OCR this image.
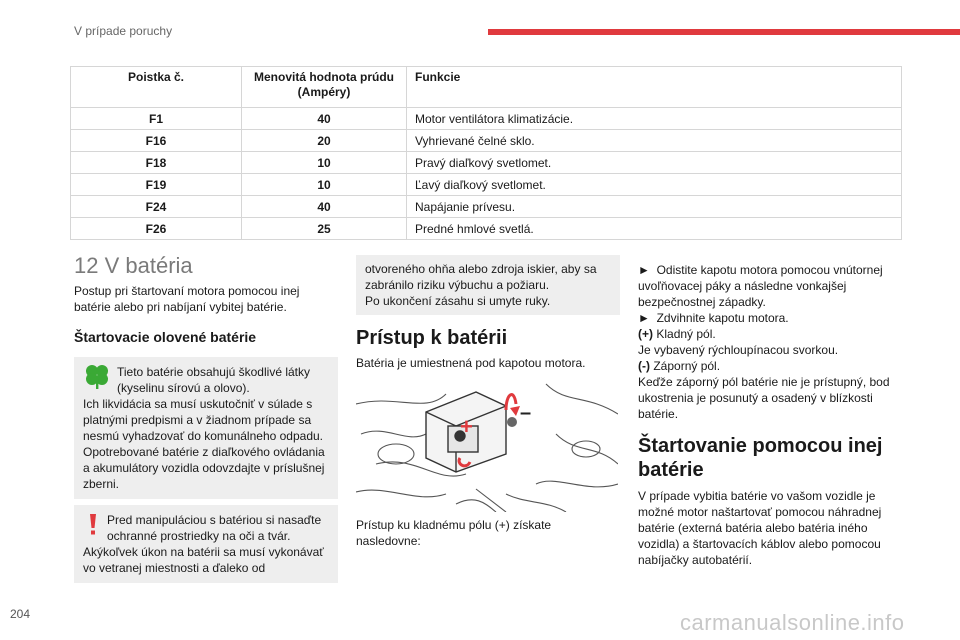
V prípade poruchy
Poistka č.	Menovitá hodnota prúdu (Ampéry)	Funkcie
F1	40	Motor ventilátora klimatizácie.
F16	20	Vyhrievané čelné sklo.
F18	10	Pravý diaľkový svetlomet.
F19	10	Ľavý diaľkový svetlomet.
F24	40	Napájanie prívesu.
F26	25	Predné hmlové svetlá.
12 V batéria

Postup pri štartovaní motora pomocou inej batérie alebo pri nabíjaní vybitej batérie.

Štartovacie olovené batérie

Tieto batérie obsahujú škodlivé látky (kyselinu sírovú a olovo).

Ich likvidácia sa musí uskutočniť v súlade s platnými predpismi a v žiadnom prípade sa nesmú vyhadzovať do komunálneho odpadu. Opotrebované batérie z diaľkového ovládania a akumulátory vozidla odovzdajte v príslušnej zberni.

Pred manipuláciou s batériou si nasaďte ochranné prostriedky na oči a tvár.

Akýkoľvek úkon na batérii sa musí vykonávať vo vetranej miestnosti a ďaleko od

otvoreného ohňa alebo zdroja iskier, aby sa zabránilo riziku výbuchu a požiaru.

Po ukončení zásahu si umyte ruky.

Prístup k batérii

Batéria je umiestnená pod kapotou motora.

+
–

Prístup ku kladnému pólu (+) získate nasledovne:

► Odistite kapotu motora pomocou vnútornej uvoľňovacej páky a následne vonkajšej bezpečnostnej západky.

► Zdvihnite kapotu motora.

(+) Kladný pól.

Je vybavený rýchloupínacou svorkou.

(-) Záporný pól.

Keďže záporný pól batérie nie je prístupný, bod ukostrenia je posunutý a osadený v blízkosti batérie.

Štartovanie pomocou inej batérie

V prípade vybitia batérie vo vašom vozidle je možné motor naštartovať pomocou náhradnej batérie (externá batéria alebo batéria iného vozidla) a štartovacích káblov alebo pomocou nabíjačky autobatérií.

204	carmanualsonline.info
